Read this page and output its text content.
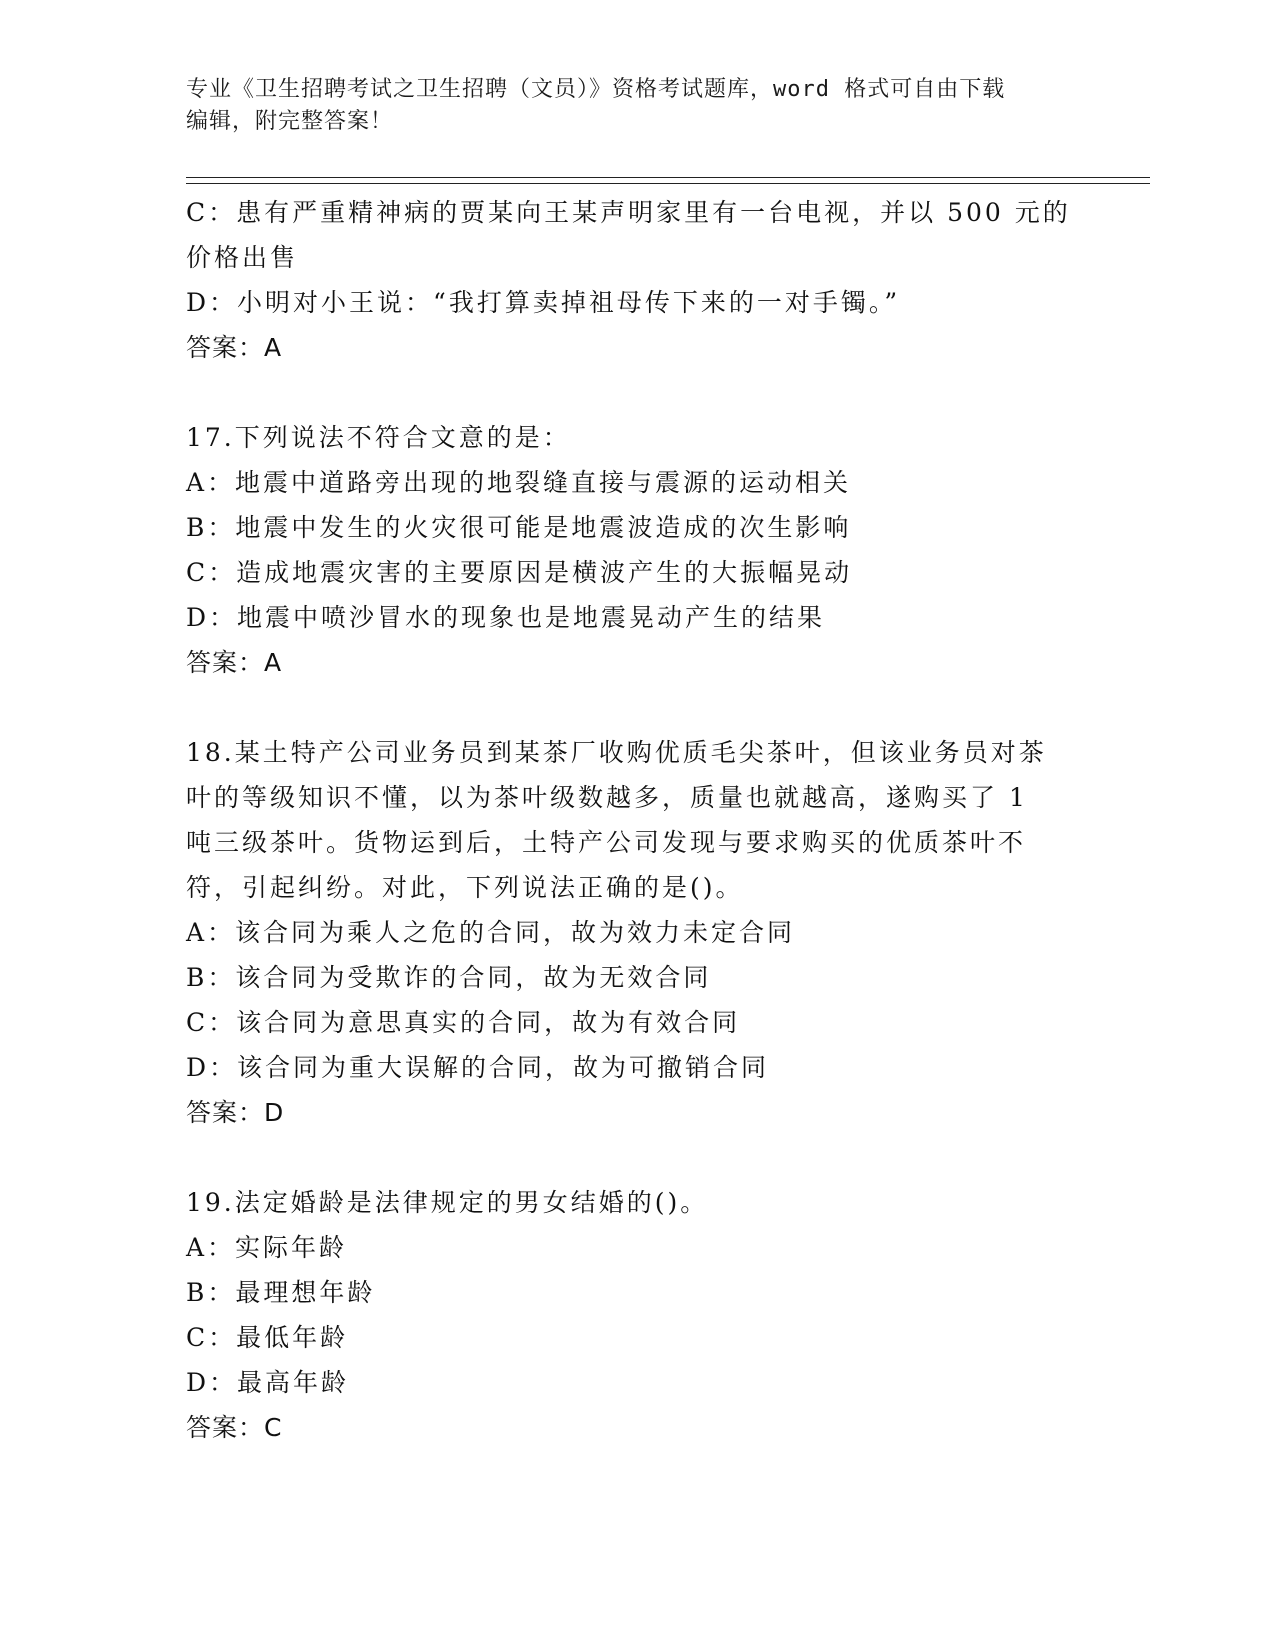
专业《卫生招聘考试之卫生招聘（文员）》资格考试题库，word 格式可自由下载
编辑，附完整答案！
C：患有严重精神病的贾某向王某声明家里有一台电视，并以 500 元的
价格出售
D：小明对小王说：“我打算卖掉祖母传下来的一对手镯。”
答案：A
17.下列说法不符合文意的是：
A：地震中道路旁出现的地裂缝直接与震源的运动相关
B：地震中发生的火灾很可能是地震波造成的次生影响
C：造成地震灾害的主要原因是横波产生的大振幅晃动
D：地震中喷沙冒水的现象也是地震晃动产生的结果
答案：A
18.某土特产公司业务员到某茶厂收购优质毛尖茶叶，但该业务员对茶
叶的等级知识不懂，以为茶叶级数越多，质量也就越高，遂购买了 1
吨三级茶叶。货物运到后，土特产公司发现与要求购买的优质茶叶不
符，引起纠纷。对此，下列说法正确的是()。
A：该合同为乘人之危的合同，故为效力未定合同
B：该合同为受欺诈的合同，故为无效合同
C：该合同为意思真实的合同，故为有效合同
D：该合同为重大误解的合同，故为可撤销合同
答案：D
19.法定婚龄是法律规定的男女结婚的()。
A：实际年龄
B：最理想年龄
C：最低年龄
D：最高年龄
答案：C
